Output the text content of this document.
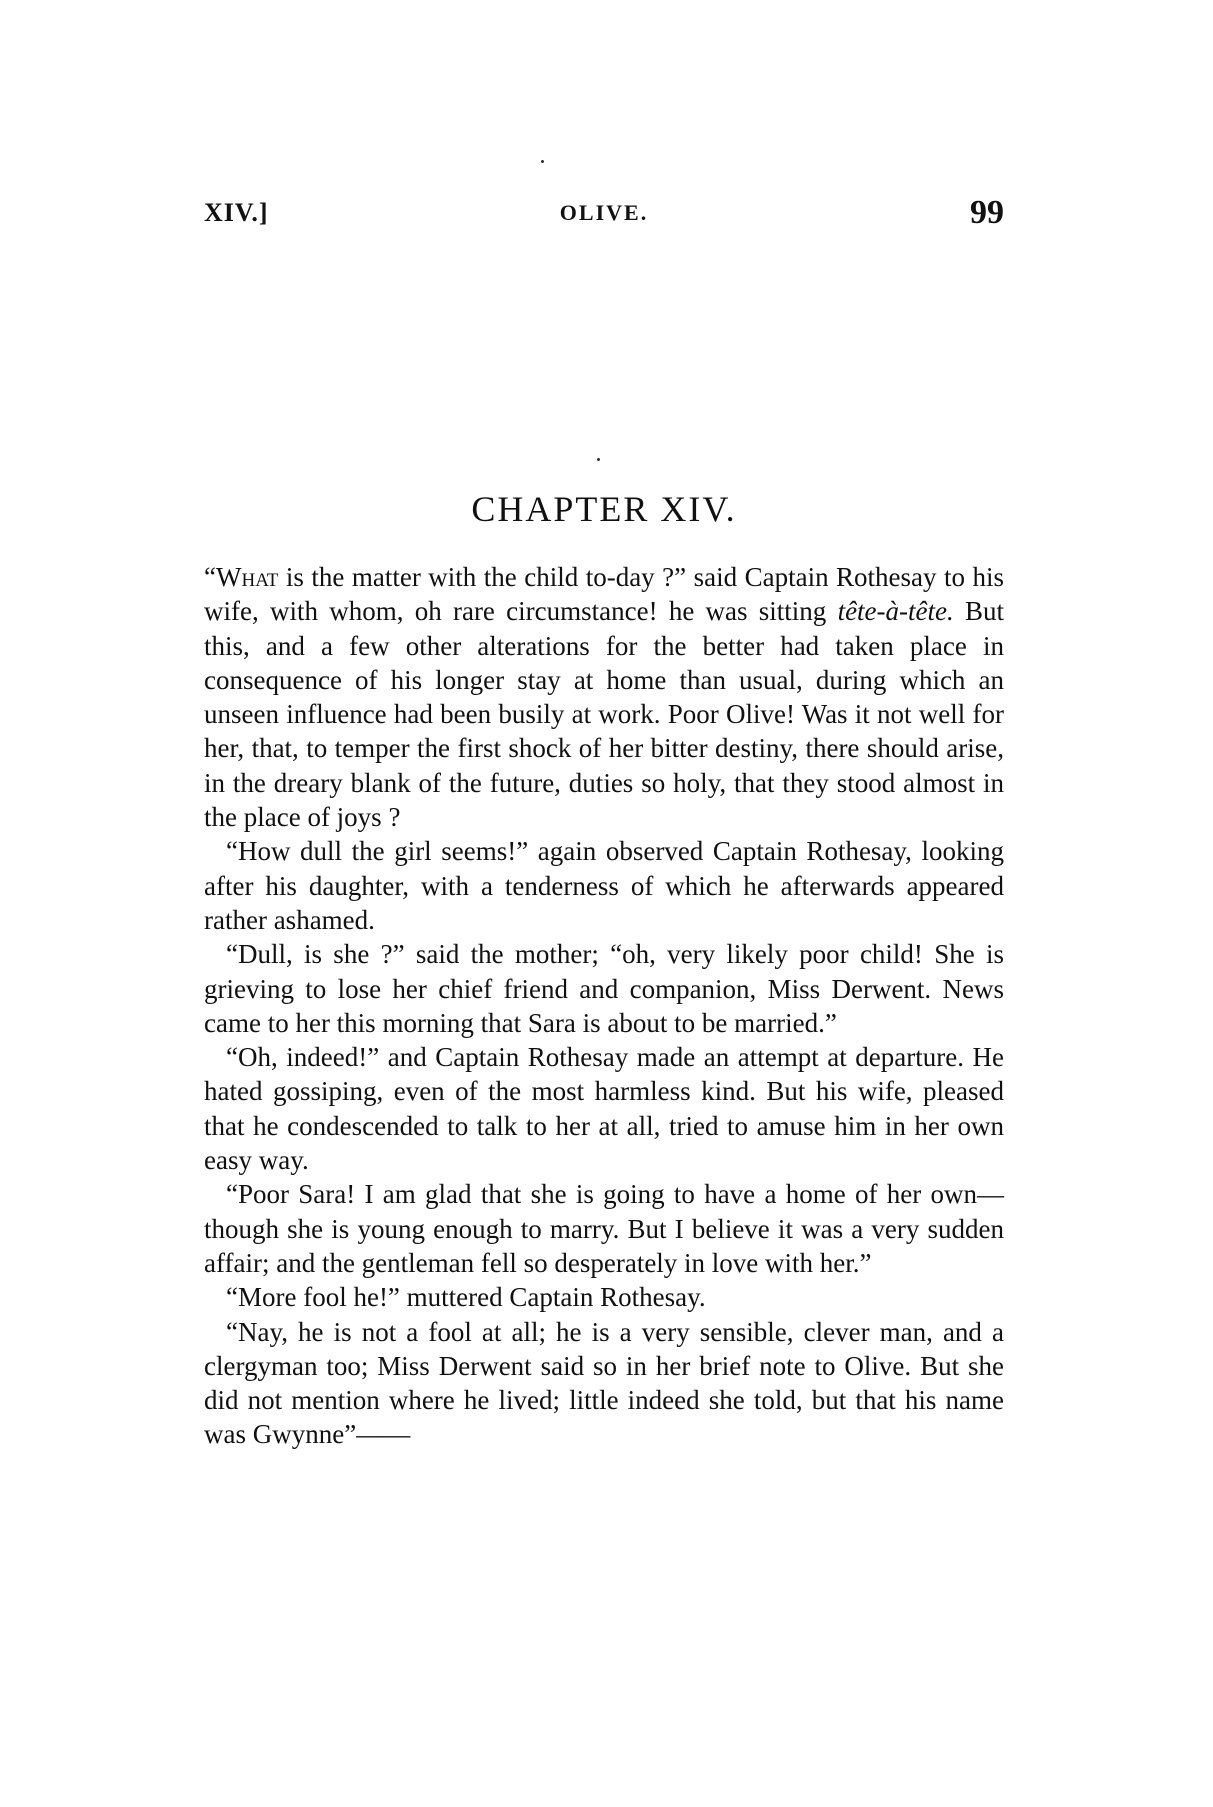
XIV.]	OLIVE.	99
CHAPTER XIV.

“What is the matter with the child to-day ?” said Captain Rothesay to his wife, with whom, oh rare circumstance! he was sitting tête-à-tête. But this, and a few other alterations for the better had taken place in consequence of his longer stay at home than usual, during which an unseen influence had been busily at work. Poor Olive! Was it not well for her, that, to temper the first shock of her bitter destiny, there should arise, in the dreary blank of the future, duties so holy, that they stood almost in the place of joys ?

“How dull the girl seems!” again observed Captain Rothesay, looking after his daughter, with a tenderness of which he afterwards appeared rather ashamed.

“Dull, is she ?” said the mother; “oh, very likely poor child! She is grieving to lose her chief friend and companion, Miss Derwent. News came to her this morning that Sara is about to be married.”

“Oh, indeed!” and Captain Rothesay made an attempt at departure. He hated gossiping, even of the most harmless kind. But his wife, pleased that he condescended to talk to her at all, tried to amuse him in her own easy way.

“Poor Sara! I am glad that she is going to have a home of her own—though she is young enough to marry. But I believe it was a very sudden affair; and the gentleman fell so desperately in love with her.”

“More fool he!” muttered Captain Rothesay.

“Nay, he is not a fool at all; he is a very sensible, clever man, and a clergyman too; Miss Derwent said so in her brief note to Olive. But she did not mention where he lived; little indeed she told, but that his name was Gwynne”——
